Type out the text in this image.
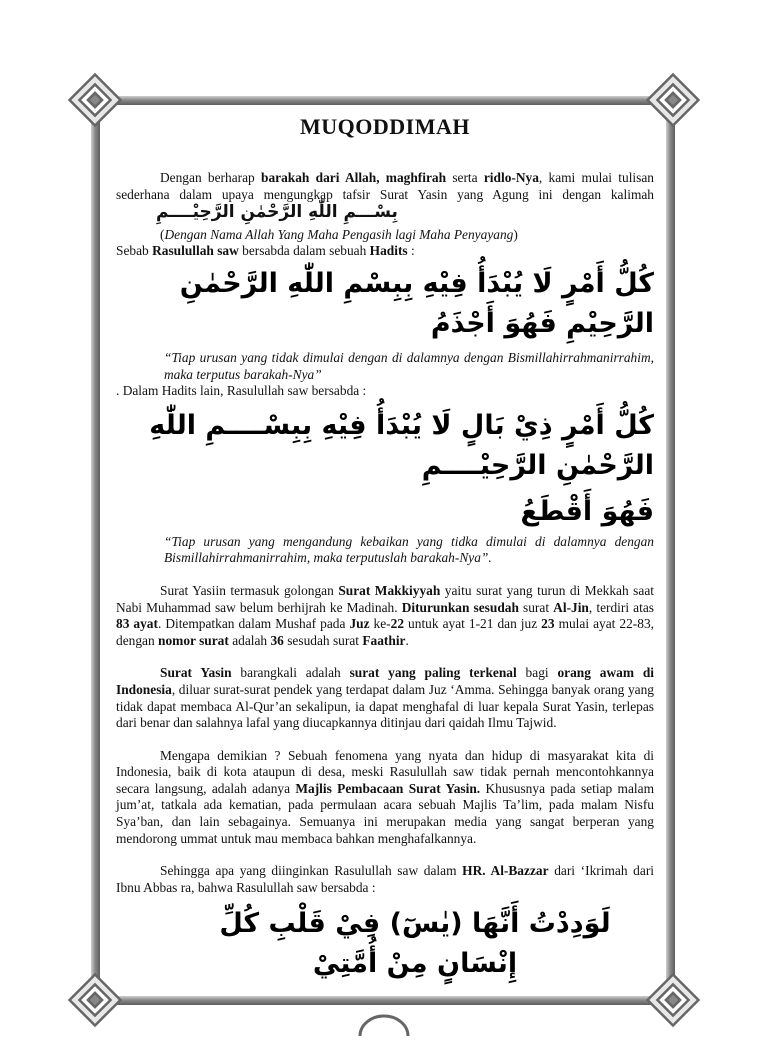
MUQODDIMAH

Dengan berharap barakah dari Allah, maghfirah serta ridlo-Nya, kami mulai tulisan sederhana dalam upaya mengungkap tafsir Surat Yasin yang Agung ini dengan kalimahبِسْـــمِ اللّٰهِ الرَّحْمٰنِ الرَّحِيْــــمِ

(Dengan Nama Allah Yang Maha Pengasih lagi Maha Penyayang)

Sebab Rasulullah saw bersabda dalam sebuah Hadits :

كُلُّ أَمْرٍ لَا يُبْدَأُ فِيْهِ بِبِسْمِ اللّٰهِ الرَّحْمٰنِ الرَّحِيْمِ فَهُوَ أَجْذَمُ

“Tiap urusan yang tidak dimulai dengan di dalamnya dengan Bismillahirrahmanirrahim, maka terputus barakah-Nya”

. Dalam Hadits lain, Rasulullah saw bersabda :

كُلُّ أَمْرٍ ذِيْ بَالٍ لَا يُبْدَأُ فِيْهِ بِبِسْــــمِ اللّٰهِ الرَّحْمٰنِ الرَّحِيْــــمِ
فَهُوَ أَقْطَعُ

“Tiap urusan yang mengandung kebaikan yang tidka dimulai di dalamnya dengan Bismillahirrahmanirrahim, maka terputuslah barakah-Nya”.

Surat Yasiin termasuk golongan Surat Makkiyyah yaitu surat yang turun di Mekkah saat Nabi Muhammad saw belum berhijrah ke Madinah. Diturunkan sesudah surat Al-Jin, terdiri atas 83 ayat. Ditempatkan dalam Mushaf pada Juz ke-22 untuk ayat 1-21 dan juz 23 mulai ayat 22-83, dengan nomor surat adalah 36 sesudah surat Faathir.

Surat Yasin barangkali adalah surat yang paling terkenal bagi orang awam di Indonesia, diluar surat-surat pendek yang terdapat dalam Juz ‘Amma. Sehingga banyak orang yang tidak dapat membaca Al-Qur’an sekalipun, ia dapat menghafal di luar kepala Surat Yasin, terlepas dari benar dan salahnya lafal yang diucapkannya ditinjau dari qaidah Ilmu Tajwid.

Mengapa demikian ? Sebuah fenomena yang nyata dan hidup di masyarakat kita di Indonesia, baik di kota ataupun di desa, meski Rasulullah saw tidak pernah mencontohkannya secara langsung, adalah adanya Majlis Pembacaan Surat Yasin. Khususnya pada setiap malam jum’at, tatkala ada kematian, pada permulaan acara sebuah Majlis Ta’lim, pada malam Nisfu Sya’ban, dan lain sebagainya. Semuanya ini merupakan media yang sangat berperan yang mendorong ummat untuk mau membaca bahkan menghafalkannya.

Sehingga apa yang diinginkan Rasulullah saw dalam HR. Al-Bazzar dari ‘Ikrimah dari Ibnu Abbas ra, bahwa Rasulullah saw bersabda :

لَوَدِدْتُ أَنَّهَا (يٰسٓ) فِيْ قَلْبِ كُلِّ إِنْسَانٍ مِنْ أُمَّتِيْ
